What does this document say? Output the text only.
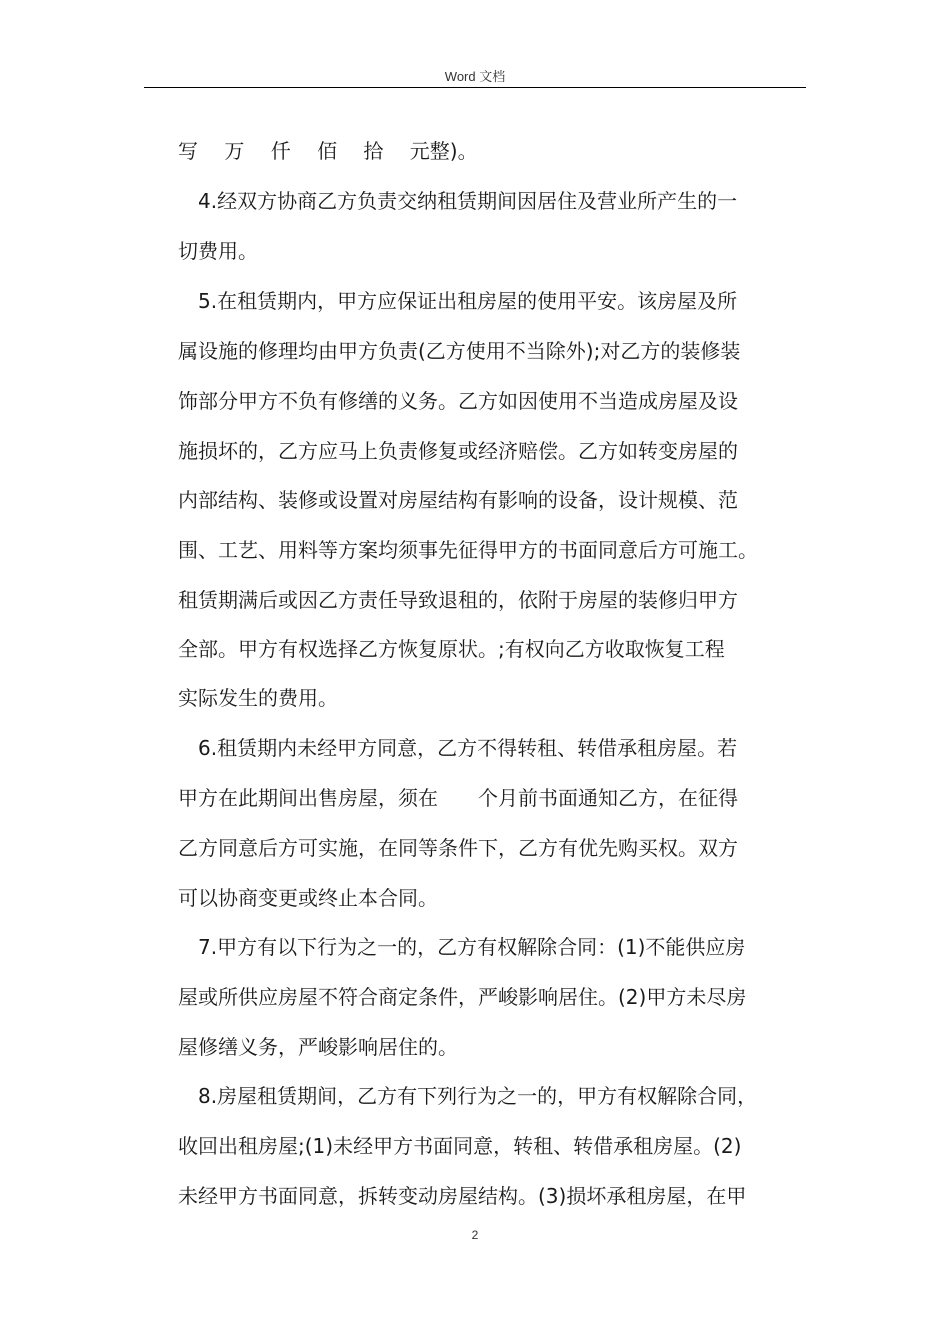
Word 文档
写　 万　 仟　 佰　 拾　 元整)。
4.经双方协商乙方负责交纳租赁期间因居住及营业所产生的一
切费用。
5.在租赁期内，甲方应保证出租房屋的使用平安。该房屋及所
属设施的修理均由甲方负责(乙方使用不当除外);对乙方的装修装
饰部分甲方不负有修缮的义务。乙方如因使用不当造成房屋及设
施损坏的，乙方应马上负责修复或经济赔偿。乙方如转变房屋的
内部结构、装修或设置对房屋结构有影响的设备，设计规模、范
围、工艺、用料等方案均须事先征得甲方的书面同意后方可施工。
租赁期满后或因乙方责任导致退租的，依附于房屋的装修归甲方
全部。甲方有权选择乙方恢复原状。;有权向乙方收取恢复工程
实际发生的费用。
6.租赁期内未经甲方同意，乙方不得转租、转借承租房屋。若
甲方在此期间出售房屋，须在　　个月前书面通知乙方，在征得
乙方同意后方可实施，在同等条件下，乙方有优先购买权。双方
可以协商变更或终止本合同。
7.甲方有以下行为之一的，乙方有权解除合同：(1)不能供应房
屋或所供应房屋不符合商定条件，严峻影响居住。(2)甲方未尽房
屋修缮义务，严峻影响居住的。
8.房屋租赁期间，乙方有下列行为之一的，甲方有权解除合同，
收回出租房屋;(1)未经甲方书面同意，转租、转借承租房屋。(2)
未经甲方书面同意，拆转变动房屋结构。(3)损坏承租房屋，在甲
2
